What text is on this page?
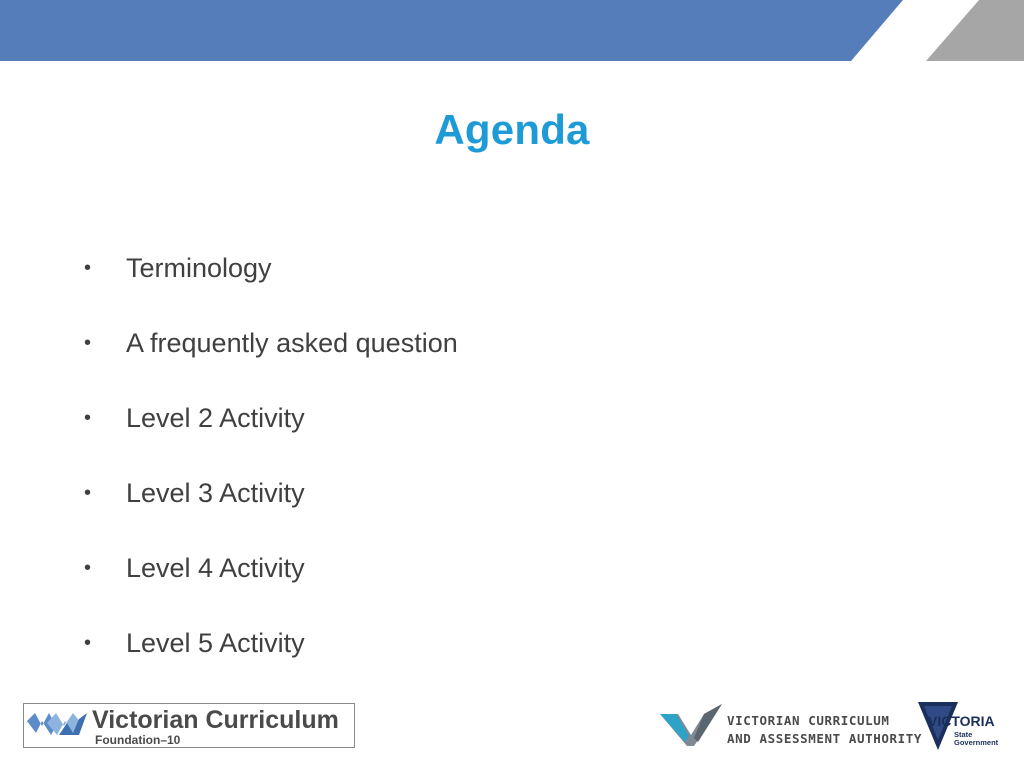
Agenda
•	Terminology
•	A frequently asked question
•	Level 2 Activity
•	Level 3 Activity
•	Level 4 Activity
•	Level 5 Activity
Victorian Curriculum
Foundation–10
VICTORIAN CURRICULUM
AND ASSESSMENT AUTHORITY
VICTORIA
State
Government
